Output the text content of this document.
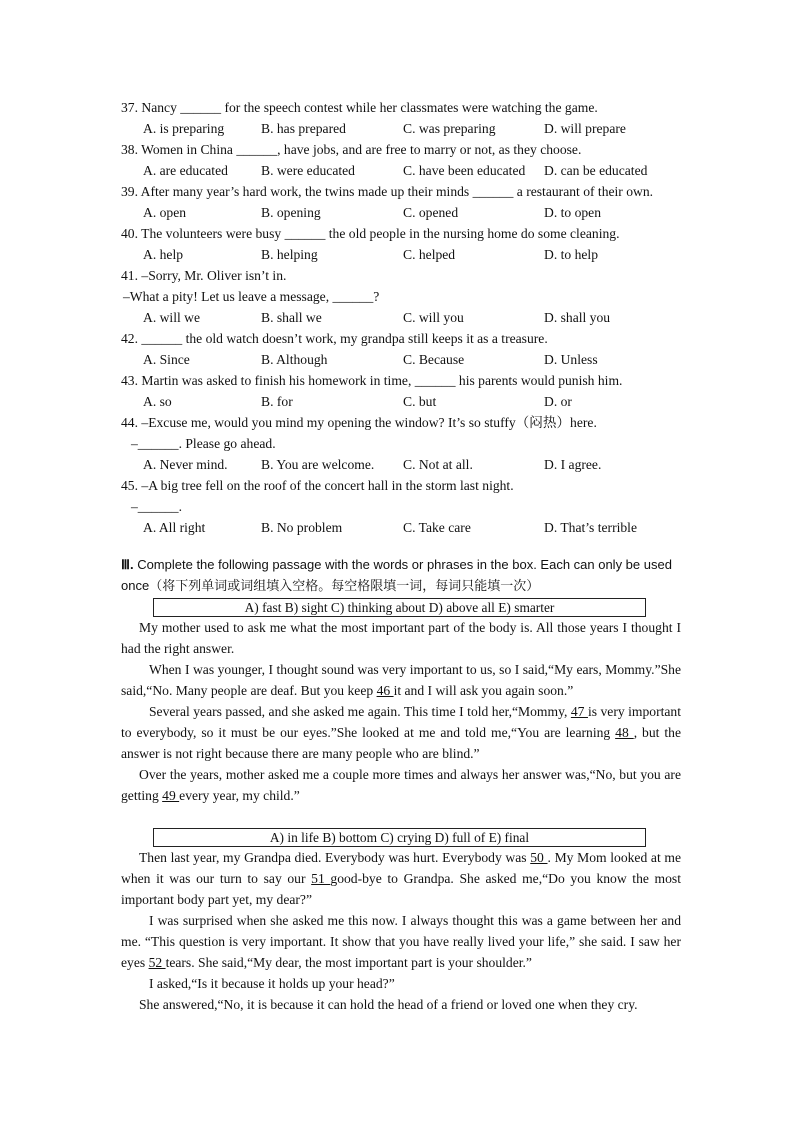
37. Nancy ______ for the speech contest while her classmates were watching the game.
A. is preparing	B. has prepared	C. was preparing	D. will prepare
38. Women in China ______, have jobs, and are free to marry or not, as they choose.
A. are educated B. were educated	C. have been educated D. can be educated
39. After many year’s hard work, the twins made up their minds ______ a restaurant of their own.
A. open	B. opening	C. opened	D. to open
40. The volunteers were busy ______ the old people in the nursing home do some cleaning.
A. help	B. helping	C. helped	D. to help
41. –Sorry, Mr. Oliver isn’t in.
–What a pity! Let us leave a message, ______?
A. will we	B. shall we	C. will you	D. shall you
42. ______ the old watch doesn’t work, my grandpa still keeps it as a treasure.
A. Since	B. Although	C. Because	D. Unless
43. Martin was asked to finish his homework in time, ______ his parents would punish him.
A. so	B. for	C. but	D. or
44. –Excuse me, would you mind my opening the window? It’s so stuffy（闷热）here.
–______. Please go ahead.
A. Never mind. B. You are welcome. C. Not at all.	D. I agree.
45. –A big tree fell on the roof of the concert hall in the storm last night.
–______.
A. All right	B. No problem	C. Take care	D. That’s terrible
Ⅲ. Complete the following passage with the words or phrases in the box. Each can only be used once（将下列单词或词组填入空格。每空格限填一词，每词只能填一次）
A) fast B) sight C) thinking about D) above all E) smarter
My mother used to ask me what the most important part of the body is. All those years I thought I had the right answer.
When I was younger, I thought sound was very important to us, so I said,“My ears, Mommy.”She said,“No. Many people are deaf. But you keep 46 it and I will ask you again soon.”
Several years passed, and she asked me again. This time I told her,“Mommy, 47 is very important to everybody, so it must be our eyes.”She looked at me and told me,“You are learning 48 , but the answer is not right because there are many people who are blind.”
Over the years, mother asked me a couple more times and always her answer was,“No, but you are getting 49 every year, my child.”
A) in life B) bottom C) crying D) full of E) final
Then last year, my Grandpa died. Everybody was hurt. Everybody was 50 . My Mom looked at me when it was our turn to say our 51 good-bye to Grandpa. She asked me,“Do you know the most important body part yet, my dear?”
I was surprised when she asked me this now. I always thought this was a game between her and me. “This question is very important. It show that you have really lived your life,” she said. I saw her eyes 52 tears. She said,“My dear, the most important part is your shoulder.”
I asked,“Is it because it holds up your head?”
She answered,“No, it is because it can hold the head of a friend or loved one when they cry.
